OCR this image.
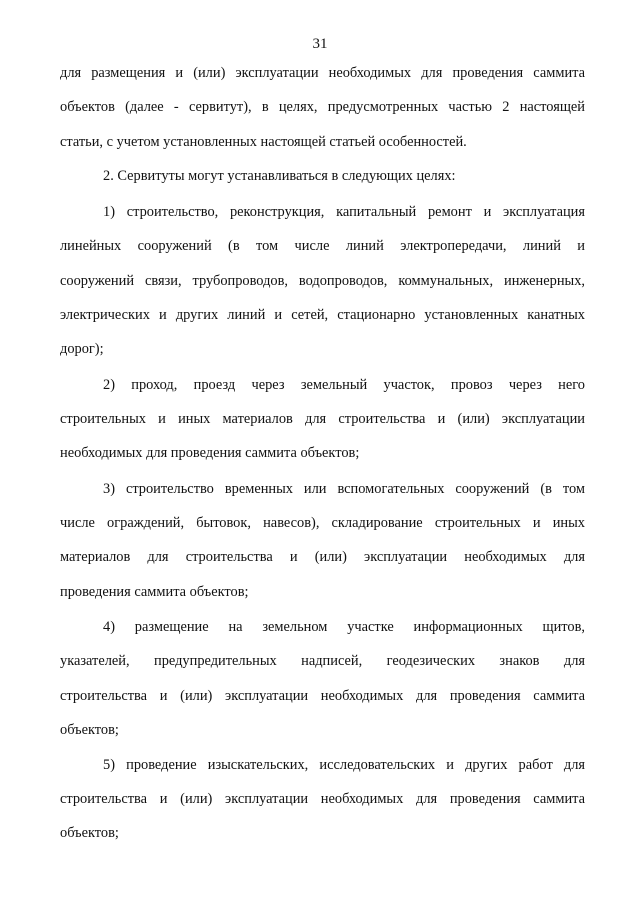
31
для размещения и (или) эксплуатации необходимых для проведения саммита
объектов (далее - сервитут), в целях, предусмотренных частью 2 настоящей
статьи, с учетом установленных настоящей статьей особенностей.
2. Сервитуты могут устанавливаться в следующих целях:
1) строительство, реконструкция, капитальный ремонт и эксплуатация
линейных сооружений (в том числе линий электропередачи, линий и
сооружений связи, трубопроводов, водопроводов, коммунальных, инженерных,
электрических и других линий и сетей, стационарно установленных канатных
дорог);
2) проход, проезд через земельный участок, провоз через него
строительных и иных материалов для строительства и (или) эксплуатации
необходимых для проведения саммита объектов;
3) строительство временных или вспомогательных сооружений (в том
числе ограждений, бытовок, навесов), складирование строительных и иных
материалов для строительства и (или) эксплуатации необходимых для
проведения саммита объектов;
4) размещение на земельном участке информационных щитов,
указателей, предупредительных надписей, геодезических знаков для
строительства и (или) эксплуатации необходимых для проведения саммита
объектов;
5) проведение изыскательских, исследовательских и других работ для
строительства и (или) эксплуатации необходимых для проведения саммита
объектов;
